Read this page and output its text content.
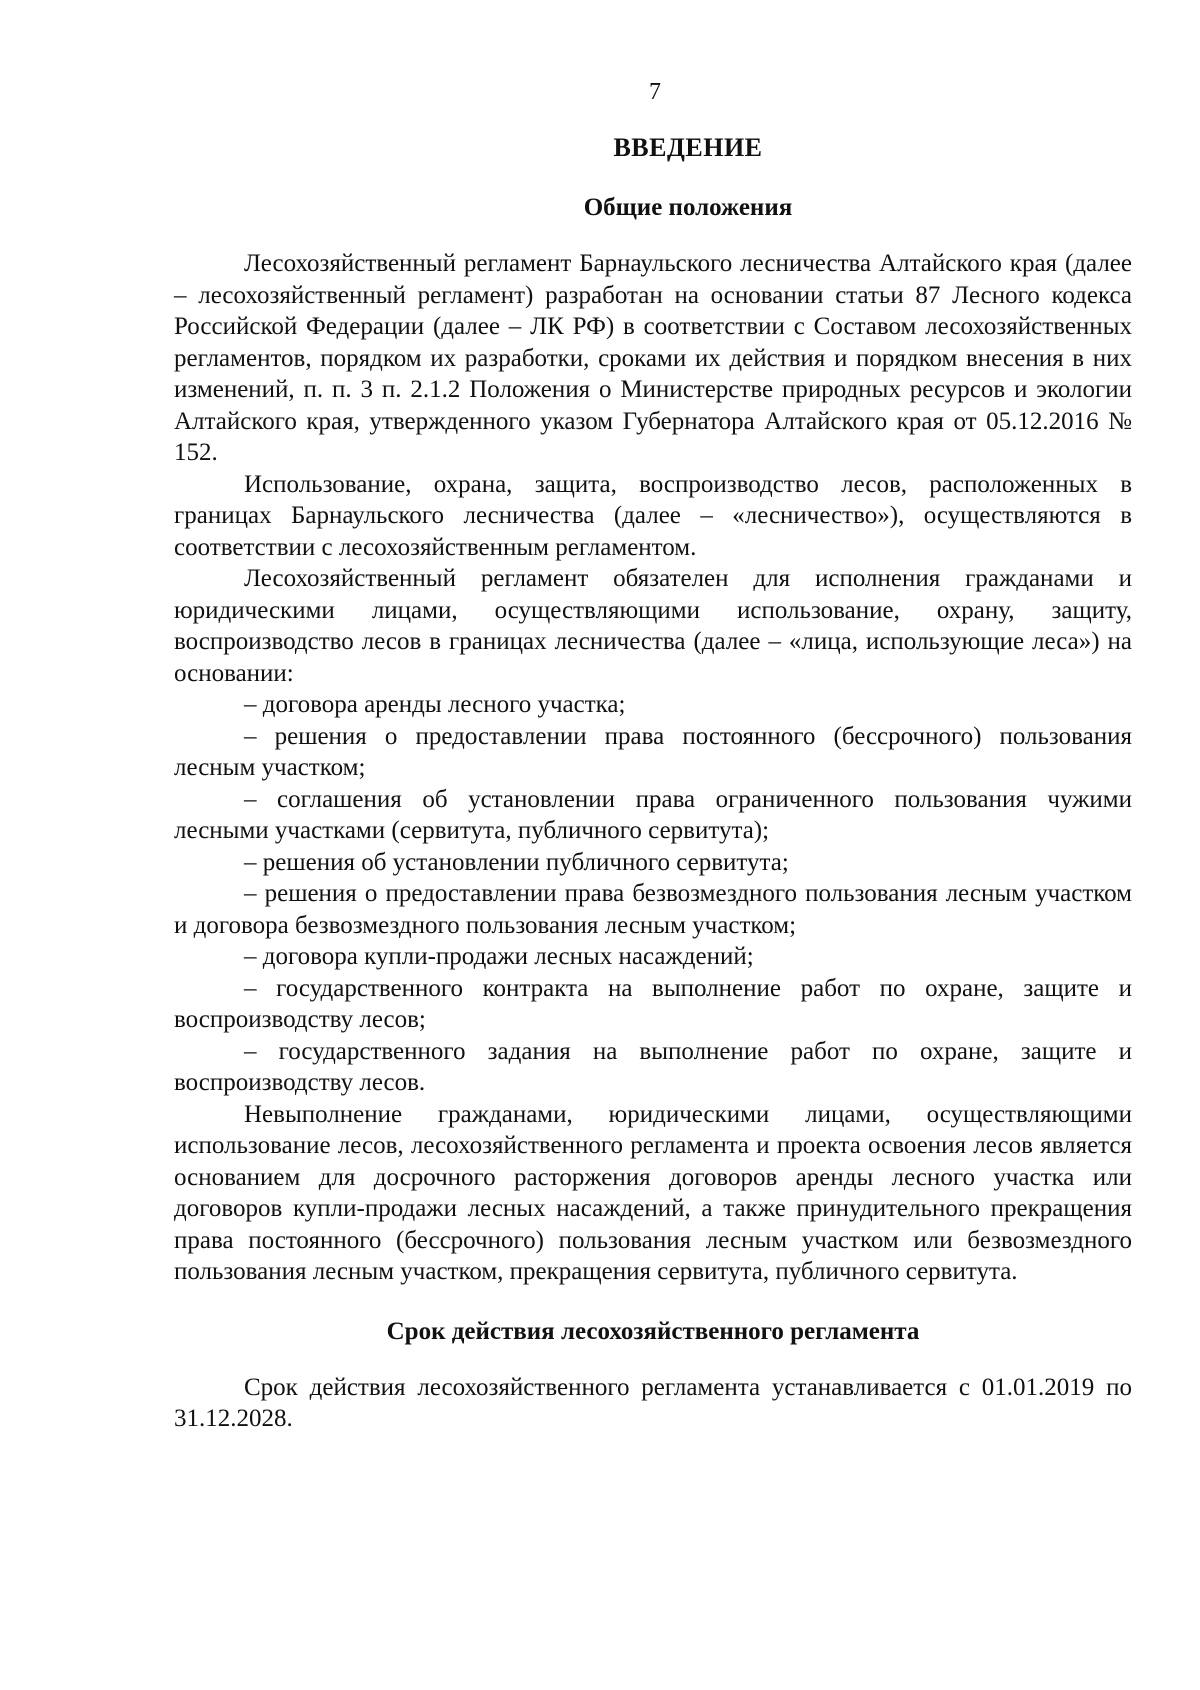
7
ВВЕДЕНИЕ
Общие положения

Лесохозяйственный регламент Барнаульского лесничества Алтайского края (далее – лесохозяйственный регламент) разработан на основании статьи 87 Лесного кодекса Российской Федерации (далее – ЛК РФ) в соответствии с Составом лесохозяйственных регламентов, порядком их разработки, сроками их действия и порядком внесения в них изменений, п. п. 3 п. 2.1.2 Положения о Министерстве природных ресурсов и экологии Алтайского края, утвержденного указом Губернатора Алтайского края от 05.12.2016 № 152.

Использование, охрана, защита, воспроизводство лесов, расположенных в границах Барнаульского лесничества (далее – «лесничество»), осуществляются в соответствии с лесохозяйственным регламентом.

Лесохозяйственный регламент обязателен для исполнения гражданами и юридическими лицами, осуществляющими использование, охрану, защиту, воспроизводство лесов в границах лесничества (далее – «лица, использующие леса») на основании:

– договора аренды лесного участка;

– решения о предоставлении права постоянного (бессрочного) пользования лесным участком;

– соглашения об установлении права ограниченного пользования чужими лесными участками (сервитута, публичного сервитута);

– решения об установлении публичного сервитута;

– решения о предоставлении права безвозмездного пользования лесным участком и договора безвозмездного пользования лесным участком;

– договора купли-продажи лесных насаждений;

– государственного контракта на выполнение работ по охране, защите и воспроизводству лесов;

– государственного задания на выполнение работ по охране, защите и воспроизводству лесов.

Невыполнение гражданами, юридическими лицами, осуществляющими использование лесов, лесохозяйственного регламента и проекта освоения лесов является основанием для досрочного расторжения договоров аренды лесного участка или договоров купли-продажи лесных насаждений, а также принудительного прекращения права постоянного (бессрочного) пользования лесным участком или безвозмездного пользования лесным участком, прекращения сервитута, публичного сервитута.

Срок действия лесохозяйственного регламента

Срок действия лесохозяйственного регламента устанавливается с 01.01.2019 по 31.12.2028.
